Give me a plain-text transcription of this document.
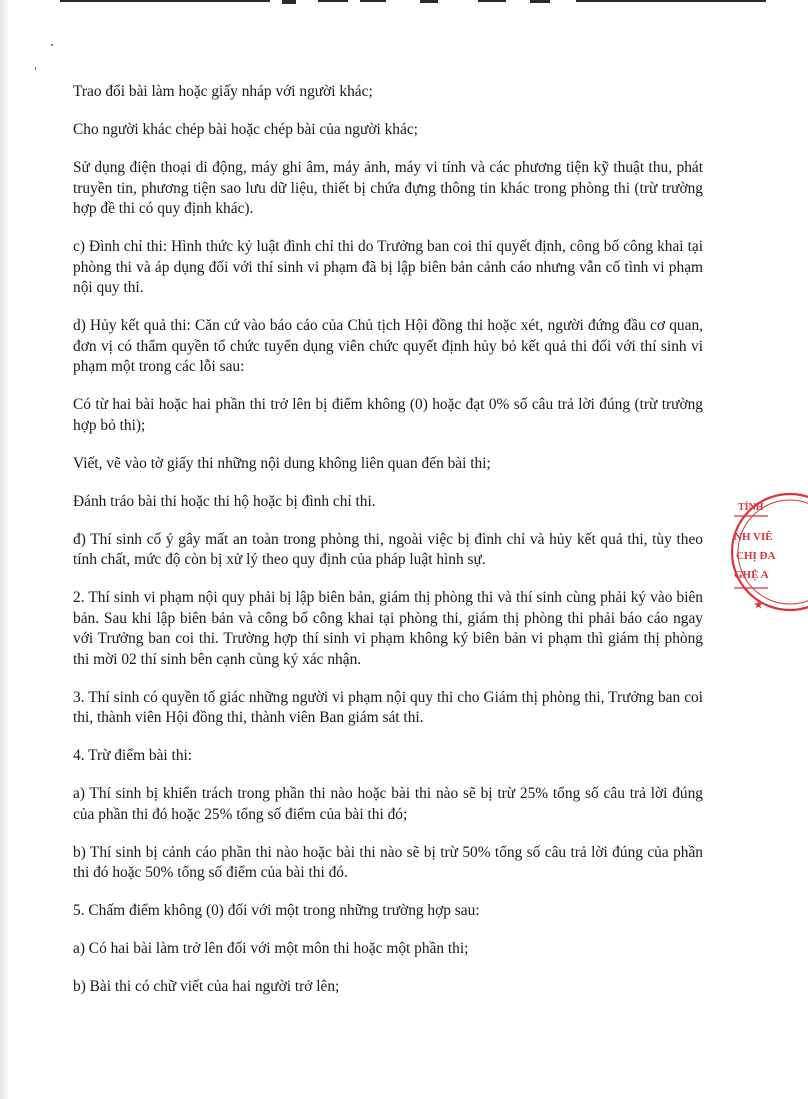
Trao đổi bài làm hoặc giấy nháp với người khác;

Cho người khác chép bài hoặc chép bài của người khác;

Sử dụng điện thoại di động, máy ghi âm, máy ảnh, máy vi tính và các phương tiện kỹ thuật thu, phát truyền tin, phương tiện sao lưu dữ liệu, thiết bị chứa đựng thông tin khác trong phòng thi (trừ trường hợp đề thi có quy định khác).

c) Đình chỉ thi: Hình thức kỷ luật đình chỉ thi do Trưởng ban coi thi quyết định, công bố công khai tại phòng thi và áp dụng đối với thí sinh vi phạm đã bị lập biên bản cảnh cáo nhưng vẫn cố tình vi phạm nội quy thi.

d) Hủy kết quả thi: Căn cứ vào báo cáo của Chủ tịch Hội đồng thi hoặc xét, người đứng đầu cơ quan, đơn vị có thẩm quyền tổ chức tuyển dụng viên chức quyết định hủy bỏ kết quả thi đối với thí sinh vi phạm một trong các lỗi sau:

Có từ hai bài hoặc hai phần thi trở lên bị điểm không (0) hoặc đạt 0% số câu trả lời đúng (trừ trường hợp bỏ thi);

Viết, vẽ vào tờ giấy thi những nội dung không liên quan đến bài thi;

Đánh tráo bài thi hoặc thi hộ hoặc bị đình chỉ thi.

đ) Thí sinh cố ý gây mất an toàn trong phòng thi, ngoài việc bị đình chỉ và hủy kết quả thi, tùy theo tính chất, mức độ còn bị xử lý theo quy định của pháp luật hình sự.

2. Thí sinh vi phạm nội quy phải bị lập biên bản, giám thị phòng thi và thí sinh cùng phải ký vào biên bản. Sau khi lập biên bản và công bố công khai tại phòng thi, giám thị phòng thi phải báo cáo ngay với Trưởng ban coi thi. Trường hợp thí sinh vi phạm không ký biên bản vi phạm thì giám thị phòng thi mời 02 thí sinh bên cạnh cùng ký xác nhận.

3. Thí sinh có quyền tố giác những người vi phạm nội quy thi cho Giám thị phòng thi, Trưởng ban coi thi, thành viên Hội đồng thi, thành viên Ban giám sát thi.

4. Trừ điểm bài thi:

a) Thí sinh bị khiển trách trong phần thi nào hoặc bài thi nào sẽ bị trừ 25% tổng số câu trả lời đúng của phần thi đó hoặc 25% tổng số điểm của bài thi đó;

b) Thí sinh bị cảnh cáo phần thi nào hoặc bài thi nào sẽ bị trừ 50% tổng số câu trả lời đúng của phần thi đó hoặc 50% tổng số điểm của bài thi đó.

5. Chấm điểm không (0) đối với một trong những trường hợp sau:

a) Có hai bài làm trở lên đối với một môn thi hoặc một phần thi;

b) Bài thi có chữ viết của hai người trở lên;

TỈNH
NH VIÊ
CHỊ ĐA
GHỆ A
★
